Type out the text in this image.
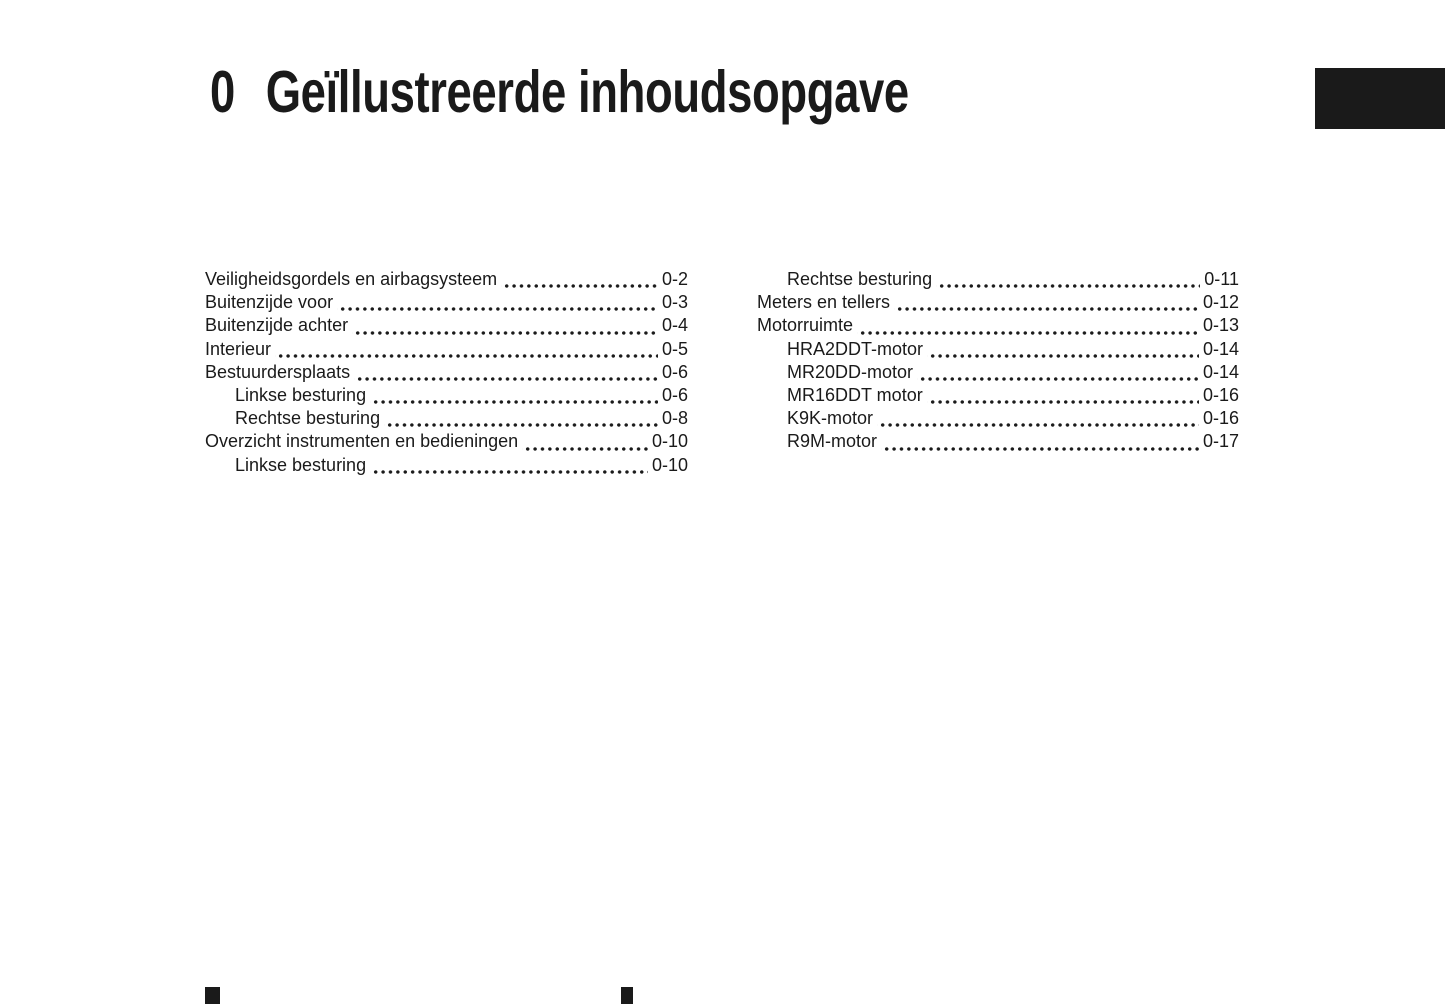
0 Geïllustreerde inhoudsopgave
Veiligheidsgordels en airbagsysteem	0-2
Buitenzijde voor	0-3
Buitenzijde achter	0-4
Interieur	0-5
Bestuurdersplaats	0-6
Linkse besturing	0-6
Rechtse besturing	0-8
Overzicht instrumenten en bedieningen	0-10
Linkse besturing	0-10
Rechtse besturing	0-11
Meters en tellers	0-12
Motorruimte	0-13
HRA2DDT-motor	0-14
MR20DD-motor	0-14
MR16DDT motor	0-16
K9K-motor	0-16
R9M-motor	0-17
